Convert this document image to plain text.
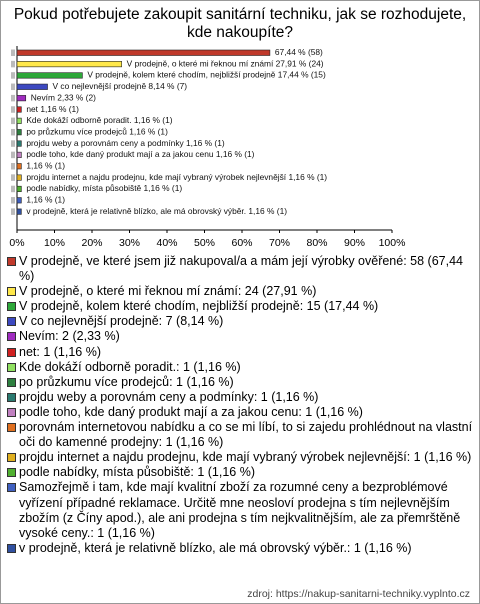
Pokud potřebujete zakoupit sanitární techniku, jak se rozhodujete, kde nakoupíte?
0% 10% 20% 30% 40% 50% 60% 70% 80% 90% 100%
67,44 % (58)
V prodejně, o které mi řeknou mí známí 27,91 % (24)
V prodejně, kolem které chodím, nejbližší prodejně 17,44 % (15)
V co nejlevnější prodejně 8,14 % (7)
Nevím 2,33 % (2)
net 1,16 % (1)
Kde dokáží odborně poradit. 1,16 % (1)
po průzkumu více prodejců 1,16 % (1)
projdu weby a porovnám ceny a podmínky 1,16 % (1)
podle toho, kde daný produkt mají a za jakou cenu 1,16 % (1)
1,16 % (1)
projdu internet a najdu prodejnu, kde mají vybraný výrobek nejlevnější 1,16 % (1)
podle nabídky, místa působiště 1,16 % (1)
1,16 % (1)
v prodejně, která je relativně blízko, ale má obrovský výběr. 1,16 % (1)
V prodejně, ve které jsem již nakupoval/a a mám její výrobky ověřené: 58 (67,44 %)
V prodejně, o které mi řeknou mí známí: 24 (27,91 %)
V prodejně, kolem které chodím, nejbližší prodejně: 15 (17,44 %)
V co nejlevnější prodejně: 7 (8,14 %)
Nevím: 2 (2,33 %)
net: 1 (1,16 %)
Kde dokáží odborně poradit.: 1 (1,16 %)
po průzkumu více prodejců: 1 (1,16 %)
projdu weby a porovnám ceny a podmínky: 1 (1,16 %)
podle toho, kde daný produkt mají a za jakou cenu: 1 (1,16 %)
porovnám internetovou nabídku a co se mi líbí, to si zajedu prohlédnout na vlastní oči do kamenné prodejny: 1 (1,16 %)
projdu internet a najdu prodejnu, kde mají vybraný výrobek nejlevnější: 1 (1,16 %)
podle nabídky, místa působiště: 1 (1,16 %)
Samozřejmě i tam, kde mají kvalitní zboží za rozumné ceny a bezproblémové vyřízení případné reklamace. Určitě mne neosloví prodejna s tím nejlevnějším zbožím (z Číny apod.), ale ani prodejna s tím nejkvalitnějším, ale za přemrštěně vysoké ceny.: 1 (1,16 %)
v prodejně, která je relativně blízko, ale má obrovský výběr.: 1 (1,16 %)
zdroj: https://nakup-sanitarni-techniky.vyplnto.cz
